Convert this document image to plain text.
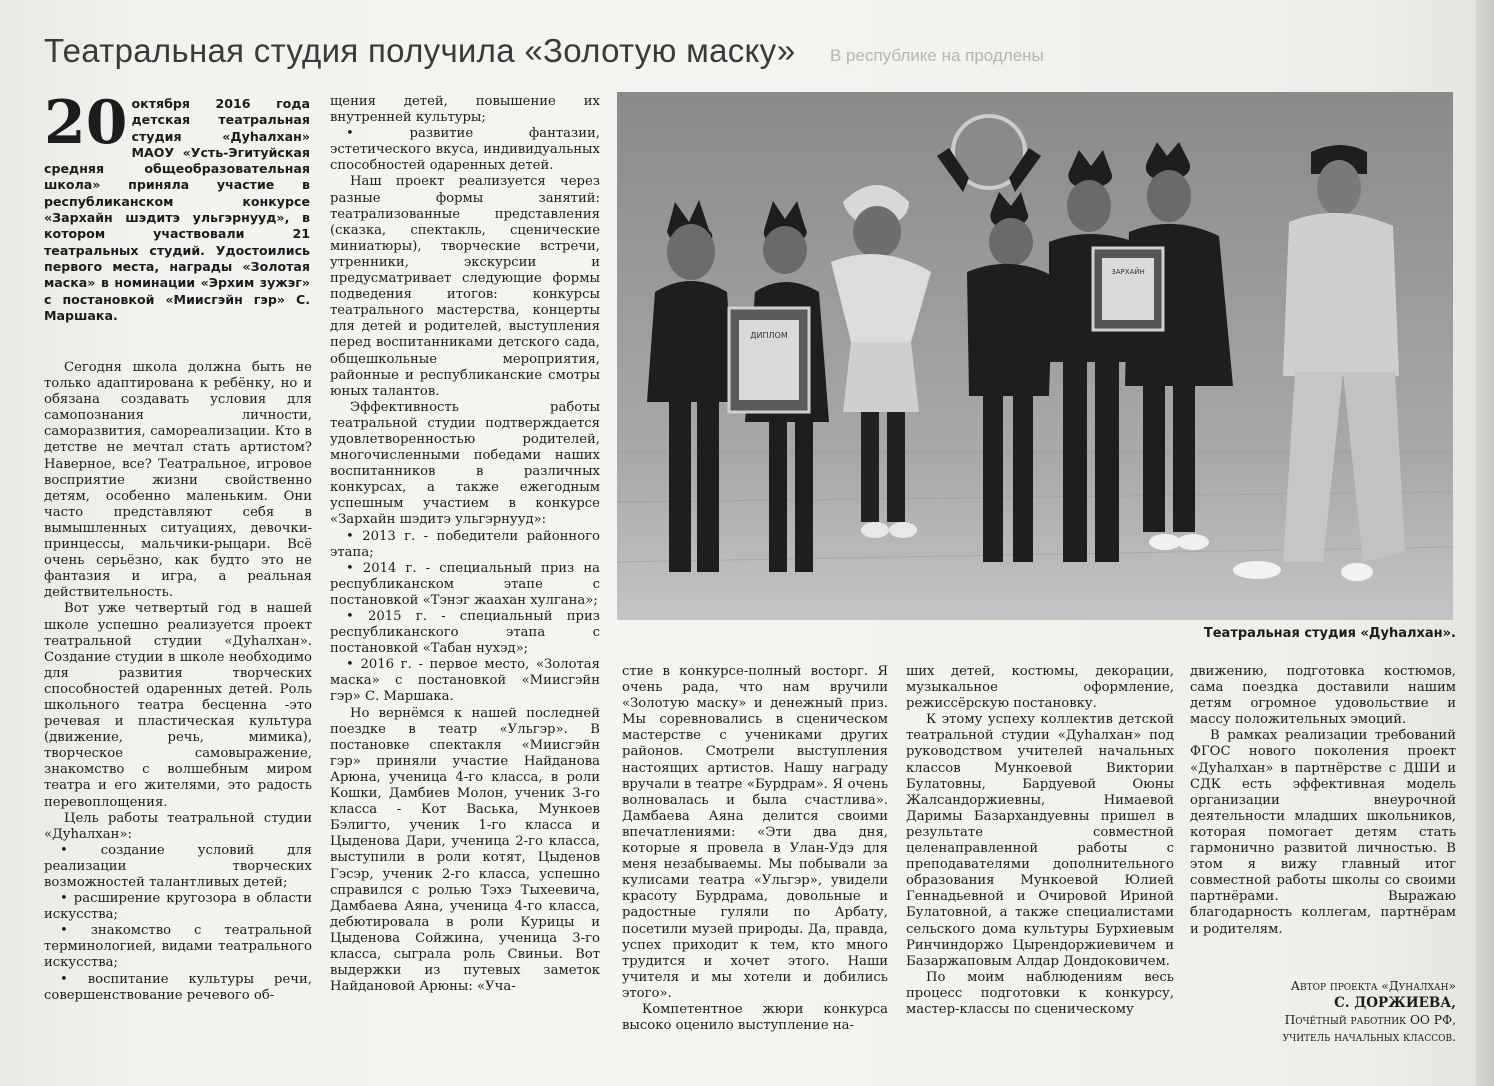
В республике на продлены
Театральная студия получила «Золотую маску»
20 октября 2016 года детская театральная студия «Дуhалхан» МАОУ «Усть-Эгитуйская средняя общеобразовательная школа» приняла участие в республиканском конкурсе «Зархайн шэдитэ ульгэрнууд», в котором участвовали 21 театральных студий. Удостоились первого места, награды «Золотая маска» в номинации «Эрхим зужэг» с постановкой «Миисгэйн гэр» С. Маршака.

Сегодня школа должна быть не только адаптирована к ребёнку, но и обязана создавать условия для самопознания личности, саморазвития, самореализации. Кто в детстве не мечтал стать артистом? Наверное, все? Театральное, игровое восприятие жизни свойственно детям, особенно маленьким. Они часто представляют себя в вымышленных ситуациях, девочки-принцессы, мальчики-рыцари. Всё очень серьёзно, как будто это не фантазия и игра, а реальная действительность.

Вот уже четвертый год в нашей школе успешно реализуется проект театральной студии «Дуhалхан». Создание студии в школе необходимо для развития творческих способностей одаренных детей. Роль школьного театра бесценна -это речевая и пластическая культура (движение, речь, мимика), творческое самовыражение, знакомство с волшебным миром театра и его жителями, это радость перевоплощения.

Цель работы театральной студии «Дуhалхан»:

• создание условий для реализации творческих возможностей талантливых детей;

• расширение кругозора в области искусства;

• знакомство с театральной терминологией, видами театрального искусства;

• воспитание культуры речи, совершенствование речевого об-

щения детей, повышение их внутренней культуры;

• развитие фантазии, эстетического вкуса, индивидуальных способностей одаренных детей.

Наш проект реализуется через разные формы занятий: театрализованные представления (сказка, спектакль, сценические миниатюры), творческие встречи, утренники, экскурсии и предусматривает следующие формы подведения итогов: конкурсы театрального мастерства, концерты для детей и родителей, выступления перед воспитанниками детского сада, общешкольные мероприятия, районные и республиканские смотры юных талантов.

Эффективность работы театральной студии подтверждается удовлетворенностью родителей, многочисленными победами наших воспитанников в различных конкурсах, а также ежегодным успешным участием в конкурсе «Зархайн шэдитэ ульгэрнууд»:

• 2013 г. - победители районного этапа;

• 2014 г. - специальный приз на республиканском этапе с постановкой «Тэнэг жаахан хулгана»;

• 2015 г. - специальный приз республиканского этапа с постановкой «Табан нухэд»;

• 2016 г. - первое место, «Золотая маска» с постановкой «Миисгэйн гэр» С. Маршака.

Но вернёмся к нашей последней поездке в театр «Ульгэр». В постановке спектакля «Миисгэйн гэр» приняли участие Найданова Арюна, ученица 4-го класса, в роли Кошки, Дамбиев Молон, ученик 3-го класса - Кот Васька, Мункоев Бэлигто, ученик 1-го класса и Цыденова Дари, ученица 2-го класса, выступили в роли котят, Цыденов Гэсэр, ученик 2-го класса, успешно справился с ролью Тэхэ Тыхеевича, Дамбаева Аяна, ученица 4-го класса, дебютировала в роли Курицы и Цыденова Сойжина, ученица 3-го класса, сыграла роль Свиньи. Вот выдержки из путевых заметок Найдановой Арюны: «Уча-

ДИПЛОМ
ЗАРХАЙН
Театральная студия «Дуhалхан».

стие в конкурсе-полный восторг. Я очень рада, что нам вручили «Золотую маску» и денежный приз. Мы соревновались в сценическом мастерстве с учениками других районов. Смотрели выступления настоящих артистов. Нашу награду вручали в театре «Бурдрам». Я очень волновалась и была счастлива». Дамбаева Аяна делится своими впечатлениями: «Эти два дня, которые я провела в Улан-Удэ для меня незабываемы. Мы побывали за кулисами театра «Ульгэр», увидели красоту Бурдрама, довольные и радостные гуляли по Арбату, посетили музей природы. Да, правда, успех приходит к тем, кто много трудится и хочет этого. Наши учителя и мы хотели и добились этого».

Компетентное жюри конкурса высоко оценило выступление на-

ших детей, костюмы, декорации, музыкальное оформление, режиссёрскую постановку.

К этому успеху коллектив детской театральной студии «Дуhалхан» под руководством учителей начальных классов Мункоевой Виктории Булатовны, Бардуевой Оюны Жалсандоржиевны, Нимаевой Даримы Базархандуевны пришел в результате совместной целенаправленной работы с преподавателями дополнительного образования Мункоевой Юлией Геннадьевной и Очировой Ириной Булатовной, а также специалистами сельского дома культуры Бурхиевым Ринчиндоржо Цырендоржиевичем и Базаржаповым Алдар Дондоковичем.

По моим наблюдениям весь процесс подготовки к конкурсу, мастер-классы по сценическому

движению, подготовка костюмов, сама поездка доставили нашим детям огромное удовольствие и массу положительных эмоций.

В рамках реализации требований ФГОС нового поколения проект «Дуhалхан» в партнёрстве с ДШИ и СДК есть эффективная модель организации внеурочной деятельности младших школьников, которая помогает детям стать гармонично развитой личностью. В этом я вижу главный итог совместной работы школы со своими партнёрами. Выражаю благодарность коллегам, партнёрам и родителям.

Автор проекта «Дуhалхан»
С. ДОРЖИЕВА,
Почётный работник ОО РФ,
учитель начальных классов.
